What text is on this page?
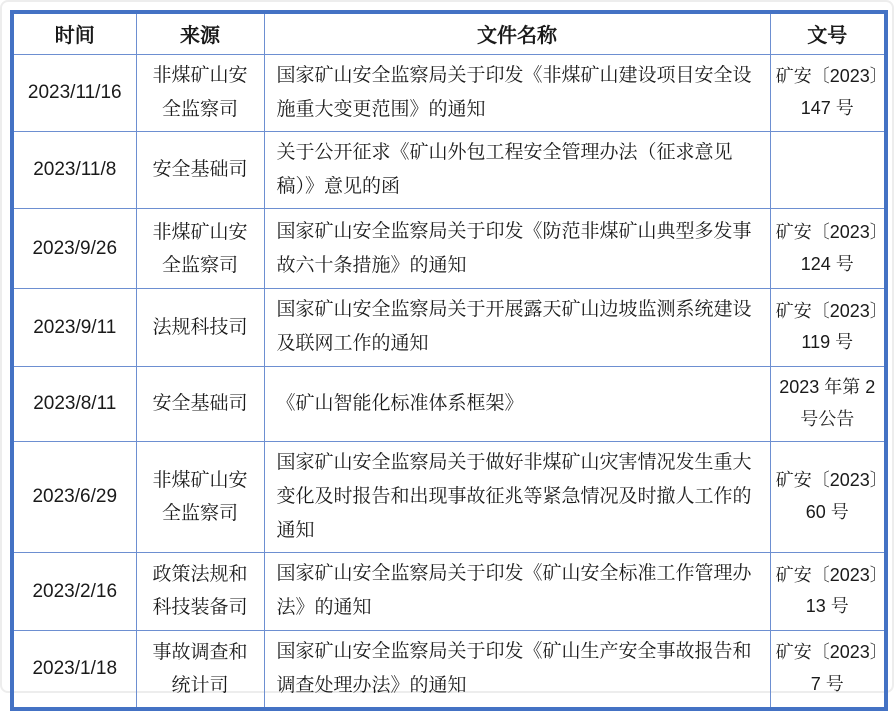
时间	来源	文件名称	文号
2023/11/16	非煤矿山安全监察司	国家矿山安全监察局关于印发《非煤矿山建设项目安全设施重大变更范围》的通知	矿安〔2023〕147 号
2023/11/8	安全基础司	关于公开征求《矿山外包工程安全管理办法（征求意见稿）》意见的函	
2023/9/26	非煤矿山安全监察司	国家矿山安全监察局关于印发《防范非煤矿山典型多发事故六十条措施》的通知	矿安〔2023〕124 号
2023/9/11	法规科技司	国家矿山安全监察局关于开展露天矿山边坡监测系统建设及联网工作的通知	矿安〔2023〕119 号
2023/8/11	安全基础司	《矿山智能化标准体系框架》	2023 年第 2 号公告
2023/6/29	非煤矿山安全监察司	国家矿山安全监察局关于做好非煤矿山灾害情况发生重大变化及时报告和出现事故征兆等紧急情况及时撤人工作的通知	矿安〔2023〕60 号
2023/2/16	政策法规和科技装备司	国家矿山安全监察局关于印发《矿山安全标准工作管理办法》的通知	矿安〔2023〕13 号
2023/1/18	事故调查和统计司	国家矿山安全监察局关于印发《矿山生产安全事故报告和调查处理办法》的通知	矿安〔2023〕7 号
